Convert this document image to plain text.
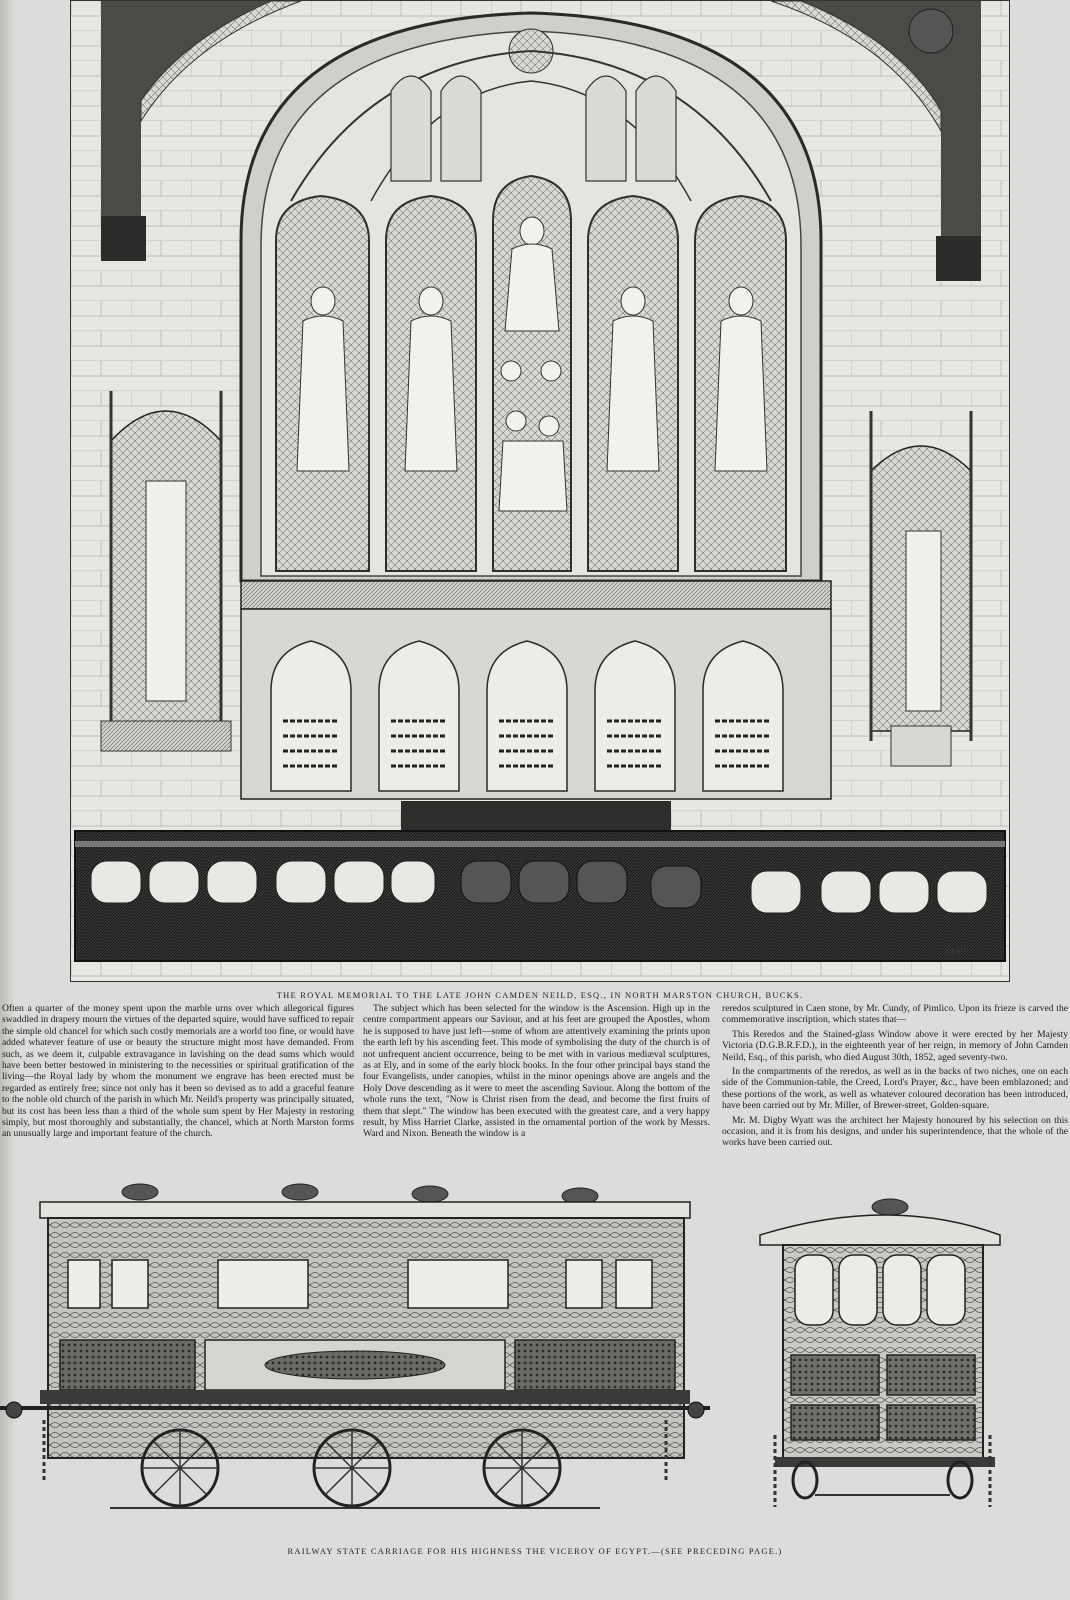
J.A.W.
THE ROYAL MEMORIAL TO THE LATE JOHN CAMDEN NEILD, ESQ., IN NORTH MARSTON CHURCH, BUCKS.

Often a quarter of the money spent upon the marble urns over which allegorical figures swaddled in drapery mourn the virtues of the departed squire, would have sufficed to repair the simple old chancel for which such costly memorials are a world too fine, or would have added whatever feature of use or beauty the structure might most have demanded. From such, as we deem it, culpable extravagance in lavishing on the dead sums which would have been better bestowed in ministering to the necessities or spiritual gratification of the living—the Royal lady by whom the monument we engrave has been erected must be regarded as entirely free; since not only has it been so devised as to add a graceful feature to the noble old church of the parish in which Mr. Neild's property was principally situated, but its cost has been less than a third of the whole sum spent by Her Majesty in restoring simply, but most thoroughly and substantially, the chancel, which at North Marston forms an unusually large and important feature of the church.

The subject which has been selected for the window is the Ascension. High up in the centre compartment appears our Saviour, and at his feet are grouped the Apostles, whom he is supposed to have just left—some of whom are attentively examining the prints upon the earth left by his ascending feet. This mode of symbolising the duty of the church is of not unfrequent ancient occurrence, being to be met with in various mediæval sculptures, as at Ely, and in some of the early block books. In the four other principal bays stand the four Evangelists, under canopies, whilst in the minor openings above are angels and the Holy Dove descending as it were to meet the ascending Saviour. Along the bottom of the whole runs the text, "Now is Christ risen from the dead, and become the first fruits of them that slept." The window has been executed with the greatest care, and a very happy result, by Miss Harriet Clarke, assisted in the ornamental portion of the work by Messrs. Ward and Nixon. Beneath the window is a

reredos sculptured in Caen stone, by Mr. Cundy, of Pimlico. Upon its frieze is carved the commemorative inscription, which states that—

This Reredos and the Stained-glass Window above it were erected by her Majesty Victoria (D.G.B.R.F.D.), in the eighteenth year of her reign, in memory of John Camden Neild, Esq., of this parish, who died August 30th, 1852, aged seventy-two.

In the compartments of the reredos, as well as in the backs of two niches, one on each side of the Communion-table, the Creed, Lord's Prayer, &c., have been emblazoned; and these portions of the work, as well as whatever coloured decoration has been introduced, have been carried out by Mr. Miller, of Brewer-street, Golden-square.

Mr. M. Digby Wyatt was the architect her Majesty honoured by his selection on this occasion, and it is from his designs, and under his superintendence, that the whole of the works have been carried out.

RAILWAY STATE CARRIAGE FOR HIS HIGHNESS THE VICEROY OF EGYPT.—(SEE PRECEDING PAGE.)
